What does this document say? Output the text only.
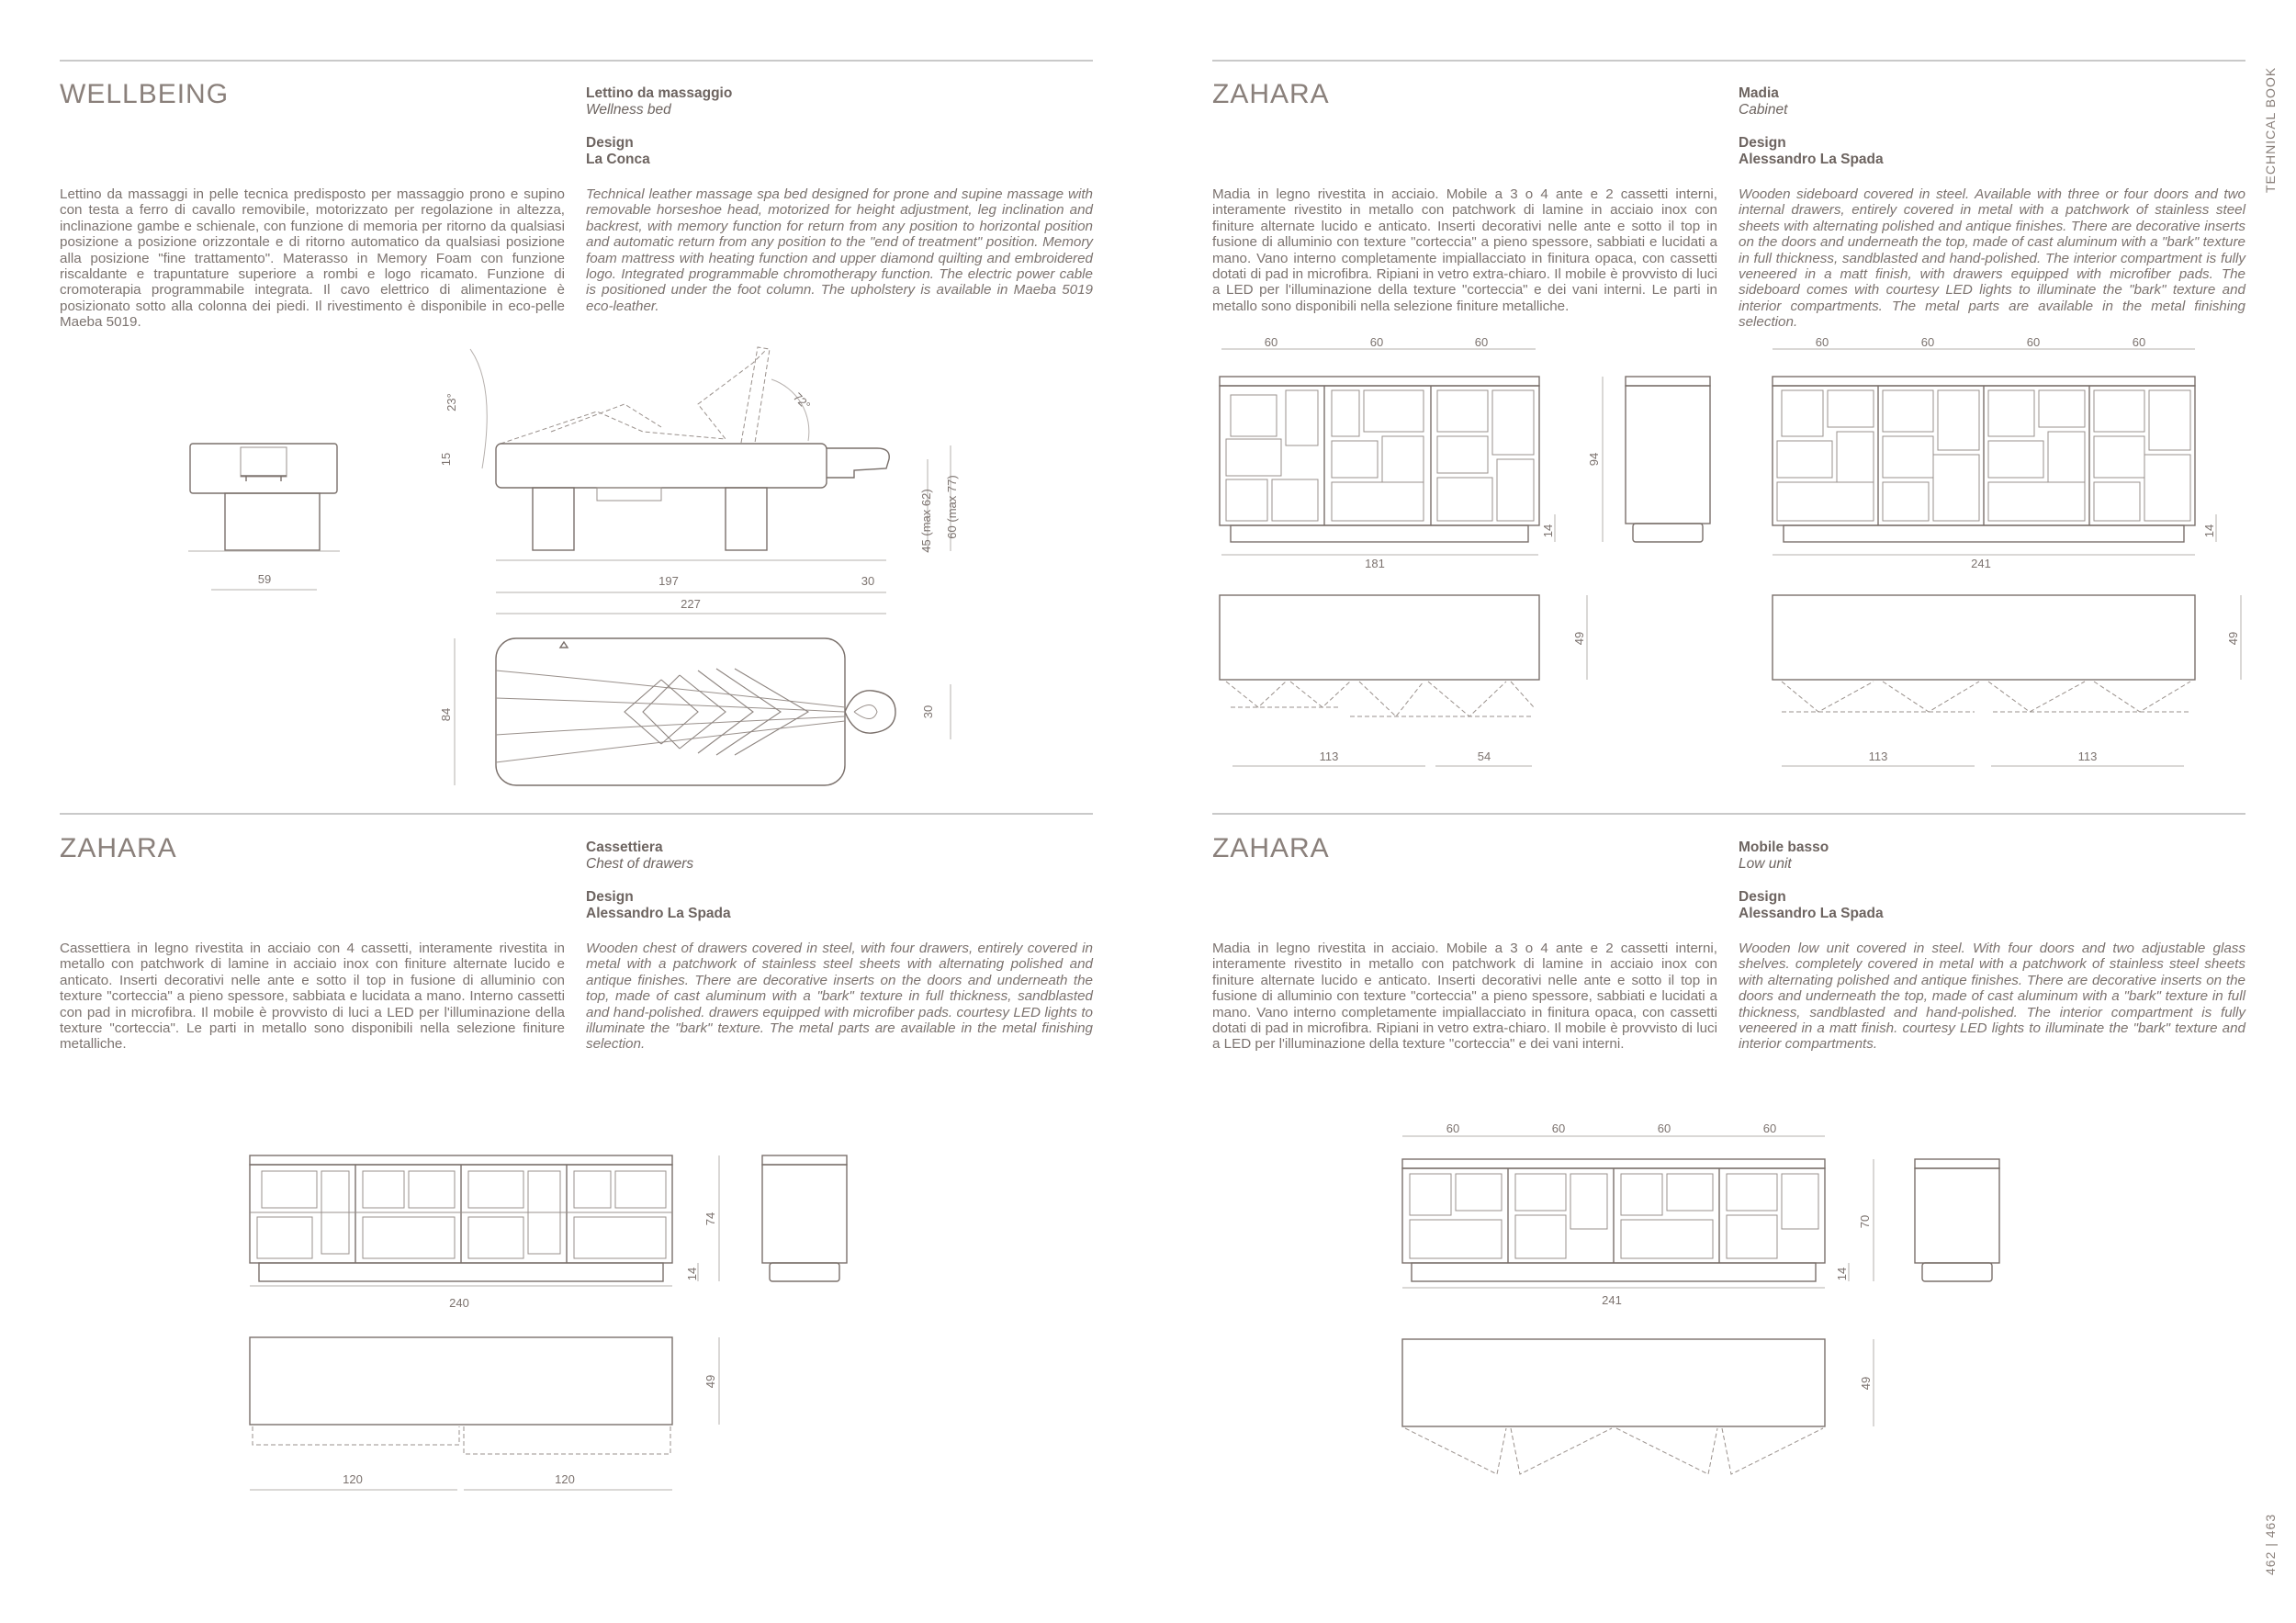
TECHNICAL BOOK
462 | 463
WELLBEING	Lettino da massaggio
Wellness bed
Design
La Conca

Lettino da massaggi in pelle tecnica predisposto per massaggio prono e supino con testa a ferro di cavallo removibile, motorizzato per regolazione in altezza, inclinazione gambe e schienale, con funzione di memoria per ritorno da qualsiasi posizione a posizione orizzontale e di ritorno automatico da qualsiasi posizione alla posizione "fine trattamento". Materasso in Memory Foam con funzione riscaldante e trapuntature superiore a rombi e logo ricamato. Funzione di cromoterapia programmabile integrata. Il cavo elettrico di alimentazione è posizionato sotto alla colonna dei piedi. Il rivestimento è disponibile in eco-pelle Maeba 5019.

Technical leather massage spa bed designed for prone and supine massage with removable horseshoe head, motorized for height adjustment, leg inclination and backrest, with memory function for return from any position to horizontal position and automatic return from any position to the "end of treatment" position. Memory foam mattress with heating function and upper diamond quilting and embroidered logo. Integrated programmable chromotherapy function. The electric power cable is positioned under the foot column. The upholstery is available in Maeba 5019 eco-leather.

ZAHARA	Madia
Cabinet
Design
Alessandro La Spada

Madia in legno rivestita in acciaio. Mobile a 3 o 4 ante e 2 cassetti interni, interamente rivestito in metallo con patchwork di lamine in acciaio inox con finiture alternate lucido e anticato. Inserti decorativi nelle ante e sotto il top in fusione di alluminio con texture "corteccia" a pieno spessore, sabbiati e lucidati a mano. Vano interno completamente impiallacciato in finitura opaca, con cassetti dotati di pad in microfibra. Ripiani in vetro extra-chiaro. Il mobile è provvisto di luci a LED per l'illuminazione della texture "corteccia" e dei vani interni. Le parti in metallo sono disponibili nella selezione finiture metalliche.

Wooden sideboard covered in steel. Available with three or four doors and two internal drawers, entirely covered in metal with a patchwork of stainless steel sheets with alternating polished and antique finishes. There are decorative inserts on the doors and underneath the top, made of cast aluminum with a "bark" texture in full thickness, sandblasted and hand-polished. The interior compartment is fully veneered in a matt finish, with drawers equipped with microfiber pads. The sideboard comes with courtesy LED lights to illuminate the "bark" texture and interior compartments. The metal parts are available in the metal finishing selection.

ZAHARA	Cassettiera
Chest of drawers
Design
Alessandro La Spada

Cassettiera in legno rivestita in acciaio con 4 cassetti, interamente rivestita in metallo con patchwork di lamine in acciaio inox con finiture alternate lucido e anticato. Inserti decorativi nelle ante e sotto il top in fusione di alluminio con texture "corteccia" a pieno spessore, sabbiata e lucidata a mano. Interno cassetti con pad in microfibra. Il mobile è provvisto di luci a LED per l'illuminazione della texture "corteccia". Le parti in metallo sono disponibili nella selezione finiture metalliche.

Wooden chest of drawers covered in steel, with four drawers, entirely covered in metal with a patchwork of stainless steel sheets with alternating polished and antique finishes. There are decorative inserts on the doors and underneath the top, made of cast aluminum with a "bark" texture in full thickness, sandblasted and hand-polished. drawers equipped with microfiber pads. courtesy LED lights to illuminate the "bark" texture. The metal parts are available in the metal finishing selection.

ZAHARA	Mobile basso
Low unit
Design
Alessandro La Spada

Madia in legno rivestita in acciaio. Mobile a 3 o 4 ante e 2 cassetti interni, interamente rivestito in metallo con patchwork di lamine in acciaio inox con finiture alternate lucido e anticato. Inserti decorativi nelle ante e sotto il top in fusione di alluminio con texture "corteccia" a pieno spessore, sabbiati e lucidati a mano. Vano interno completamente impiallacciato in finitura opaca, con cassetti dotati di pad in microfibra. Ripiani in vetro extra-chiaro. Il mobile è provvisto di luci a LED per l'illuminazione della texture "corteccia" e dei vani interni.

Wooden low unit covered in steel. With four doors and two adjustable glass shelves. completely covered in metal with a patchwork of stainless steel sheets with alternating polished and antique finishes. There are decorative inserts on the doors and underneath the top, made of cast aluminum with a "bark" texture in full thickness, sandblasted and hand-polished. The interior compartment is fully veneered in a matt finish. courtesy LED lights to illuminate the "bark" texture and interior compartments.

59
23°
15
72°
197	30
227
45 (max 62) 60 (max 77)
84	30
60	60	60
181
14
94
60	60	60	60
241
14
113	54
49
113	113
49
240
74
14
120	120
49
60	60	60	60
241
70
14
49
